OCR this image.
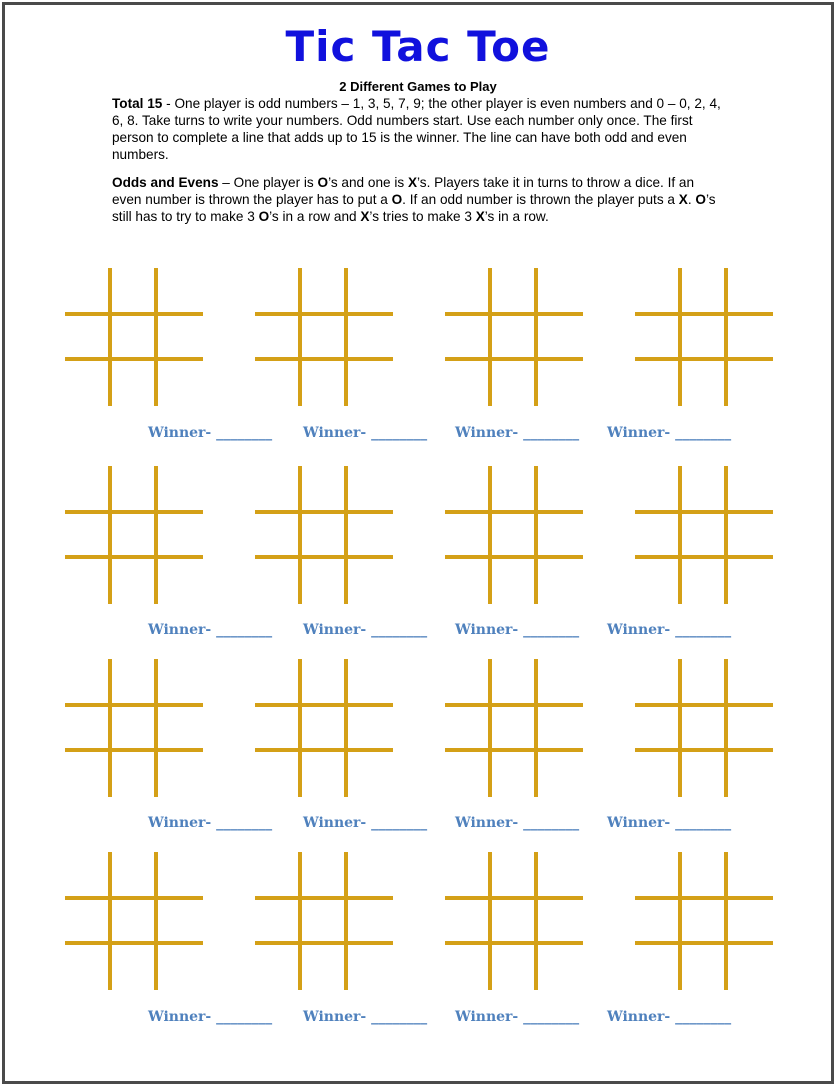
Tic Tac Toe
2 Different Games to Play
Total 15 - One player is odd numbers – 1, 3, 5, 7, 9; the other player is even numbers and 0 – 0, 2, 4, 6, 8. Take turns to write your numbers. Odd numbers start. Use each number only once. The first person to complete a line that adds up to 15 is the winner. The line can have both odd and even numbers.
Odds and Evens – One player is O’s and one is X’s. Players take it in turns to throw a dice. If an even number is thrown the player has to put a O. If an odd number is thrown the player puts a X. O’s still has to try to make 3 O’s in a row and X’s tries to make 3 X’s in a row.
Winner- ________ Winner- ________ Winner- ________ Winner- ________
Winner- ________ Winner- ________ Winner- ________ Winner- ________
Winner- ________ Winner- ________ Winner- ________ Winner- ________
Winner- ________ Winner- ________ Winner- ________ Winner- ________
